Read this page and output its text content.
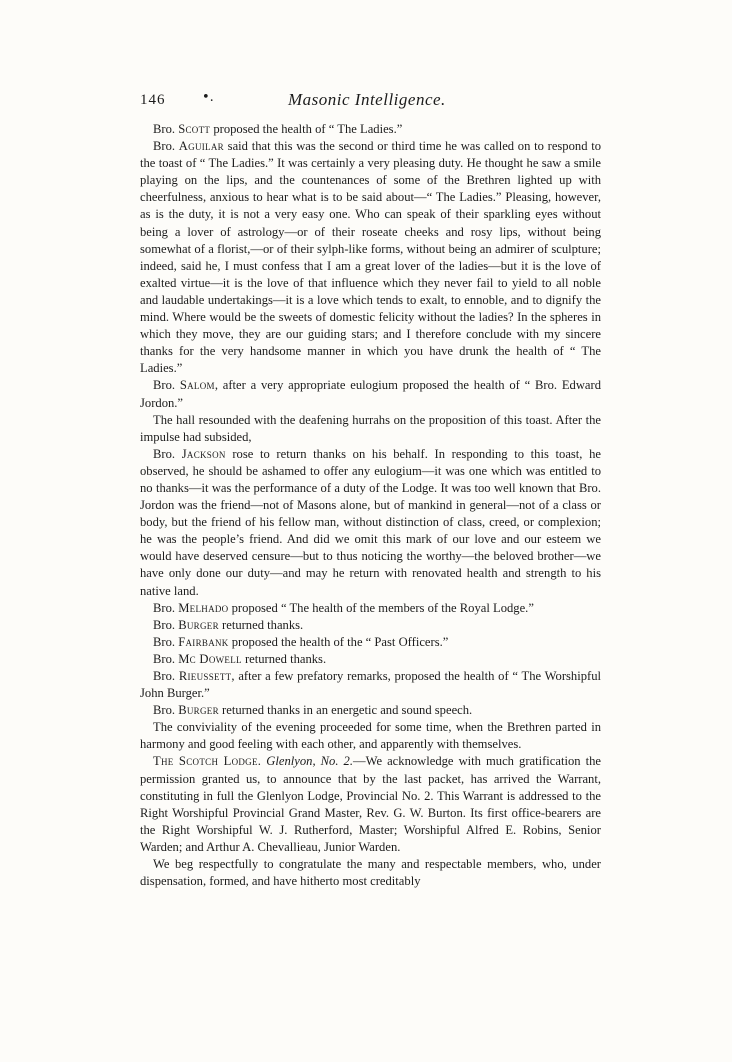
146	•.	Masonic Intelligence.

Bro. Scott proposed the health of “ The Ladies.”

Bro. Aguilar said that this was the second or third time he was called on to respond to the toast of “ The Ladies.” It was certainly a very pleasing duty. He thought he saw a smile playing on the lips, and the countenances of some of the Brethren lighted up with cheerfulness, anxious to hear what is to be said about—“ The Ladies.” Pleasing, however, as is the duty, it is not a very easy one. Who can speak of their sparkling eyes without being a lover of astrology—or of their roseate cheeks and rosy lips, without being somewhat of a florist,—or of their sylph-like forms, without being an admirer of sculpture; indeed, said he, I must confess that I am a great lover of the ladies—but it is the love of exalted virtue—it is the love of that influence which they never fail to yield to all noble and laudable undertakings—it is a love which tends to exalt, to ennoble, and to dignify the mind. Where would be the sweets of domestic felicity without the ladies? In the spheres in which they move, they are our guiding stars; and I therefore conclude with my sincere thanks for the very handsome manner in which you have drunk the health of “ The Ladies.”

Bro. Salom, after a very appropriate eulogium proposed the health of “ Bro. Edward Jordon.”

The hall resounded with the deafening hurrahs on the proposition of this toast. After the impulse had subsided,

Bro. Jackson rose to return thanks on his behalf. In responding to this toast, he observed, he should be ashamed to offer any eulogium—it was one which was entitled to no thanks—it was the performance of a duty of the Lodge. It was too well known that Bro. Jordon was the friend—not of Masons alone, but of mankind in general—not of a class or body, but the friend of his fellow man, without distinction of class, creed, or complexion; he was the people’s friend. And did we omit this mark of our love and our esteem we would have deserved censure—but to thus noticing the worthy—the beloved brother—we have only done our duty—and may he return with renovated health and strength to his native land.

Bro. Melhado proposed “ The health of the members of the Royal Lodge.”

Bro. Burger returned thanks.

Bro. Fairbank proposed the health of the “ Past Officers.”

Bro. Mc Dowell returned thanks.

Bro. Rieussett, after a few prefatory remarks, proposed the health of “ The Worshipful John Burger.”

Bro. Burger returned thanks in an energetic and sound speech.

The conviviality of the evening proceeded for some time, when the Brethren parted in harmony and good feeling with each other, and apparently with themselves.

The Scotch Lodge. Glenlyon, No. 2.—We acknowledge with much gratification the permission granted us, to announce that by the last packet, has arrived the Warrant, constituting in full the Glenlyon Lodge, Provincial No. 2. This Warrant is addressed to the Right Worshipful Provincial Grand Master, Rev. G. W. Burton. Its first office-bearers are the Right Worshipful W. J. Rutherford, Master; Worshipful Alfred E. Robins, Senior Warden; and Arthur A. Chevallieau, Junior Warden.

We beg respectfully to congratulate the many and respectable members, who, under dispensation, formed, and have hitherto most creditably
